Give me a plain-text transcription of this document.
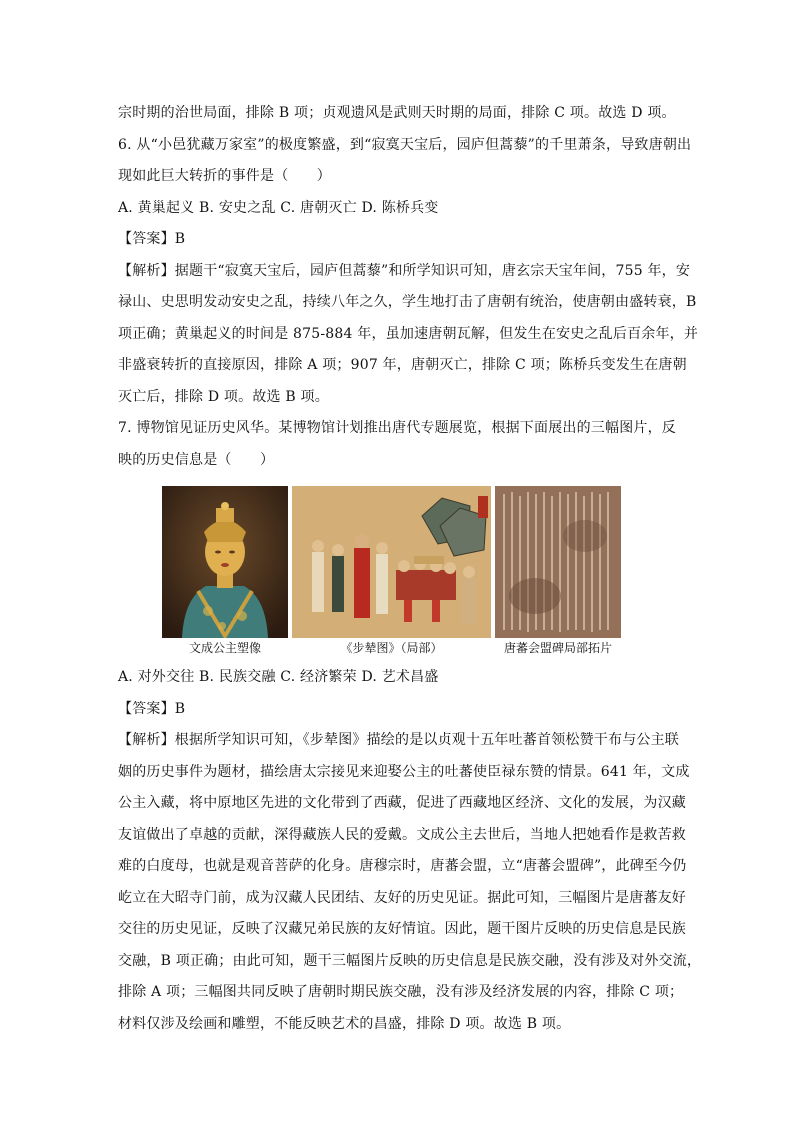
宗时期的治世局面，排除 B 项；贞观遗风是武则天时期的局面，排除 C 项。故选 D 项。
6. 从“小邑犹藏万家室”的极度繁盛，到“寂寞天宝后，园庐但蒿藜”的千里萧条，导致唐朝出
现如此巨大转折的事件是（　　）
A. 黄巢起义 B. 安史之乱 C. 唐朝灭亡 D. 陈桥兵变
【答案】B
【解析】据题干“寂寞天宝后，园庐但蒿藜”和所学知识可知，唐玄宗天宝年间，755 年，安
禄山、史思明发动安史之乱，持续八年之久，学生地打击了唐朝有统治，使唐朝由盛转衰，B
项正确；黄巢起义的时间是 875-884 年，虽加速唐朝瓦解，但发生在安史之乱后百余年，并
非盛衰转折的直接原因，排除 A 项；907 年，唐朝灭亡，排除 C 项；陈桥兵变发生在唐朝
灭亡后，排除 D 项。故选 B 项。
7. 博物馆见证历史风华。某博物馆计划推出唐代专题展览，根据下面展出的三幅图片，反
映的历史信息是（　　）
文成公主塑像	《步辇图》（局部）	唐蕃会盟碑局部拓片
A. 对外交往 B. 民族交融 C. 经济繁荣 D. 艺术昌盛
【答案】B
【解析】根据所学知识可知，《步辇图》描绘的是以贞观十五年吐蕃首领松赞干布与公主联
姻的历史事件为题材，描绘唐太宗接见来迎娶公主的吐蕃使臣禄东赞的情景。641 年，文成
公主入藏，将中原地区先进的文化带到了西藏，促进了西藏地区经济、文化的发展，为汉藏
友谊做出了卓越的贡献，深得藏族人民的爱戴。文成公主去世后，当地人把她看作是救苦救
难的白度母，也就是观音菩萨的化身。唐穆宗时，唐蕃会盟，立“唐蕃会盟碑”，此碑至今仍
屹立在大昭寺门前，成为汉藏人民团结、友好的历史见证。据此可知，三幅图片是唐蕃友好
交往的历史见证，反映了汉藏兄弟民族的友好情谊。因此，题干图片反映的历史信息是民族
交融，B 项正确；由此可知，题干三幅图片反映的历史信息是民族交融，没有涉及对外交流，
排除 A 项；三幅图共同反映了唐朝时期民族交融，没有涉及经济发展的内容，排除 C 项；
材料仅涉及绘画和雕塑，不能反映艺术的昌盛，排除 D 项。故选 B 项。
